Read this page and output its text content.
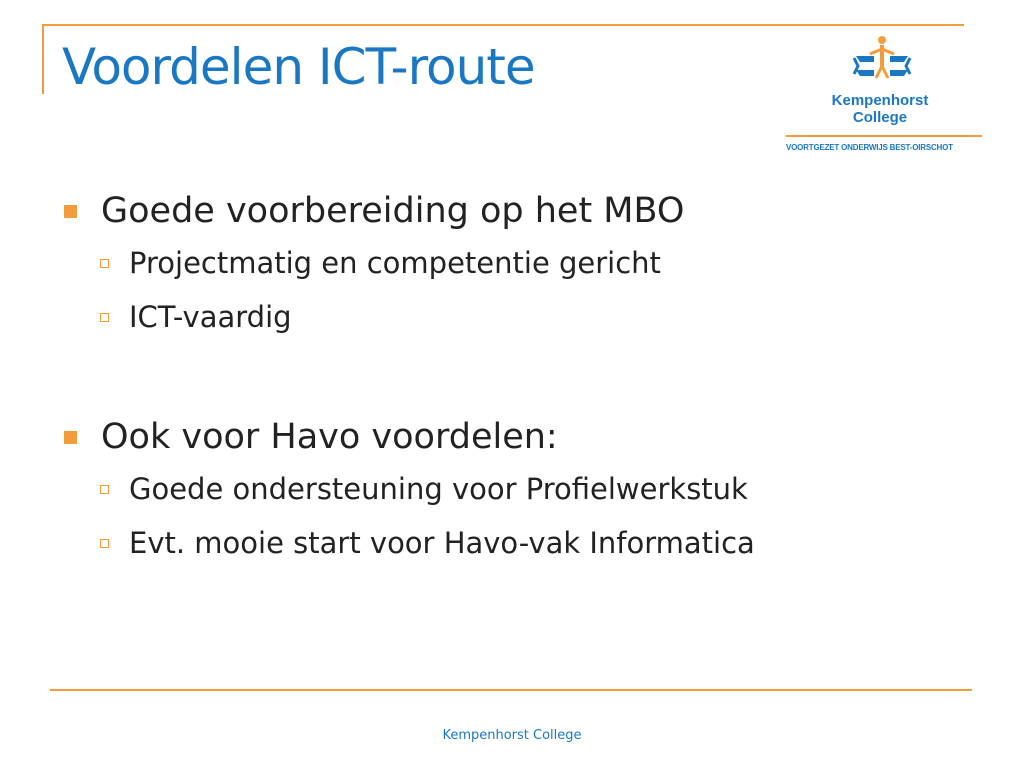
Voordelen ICT-route
Kempenhorst
College
VOORTGEZET ONDERWIJS BEST-OIRSCHOT
Goede voorbereiding op het MBO
Projectmatig en competentie gericht
ICT-vaardig
Ook voor Havo voordelen:
Goede ondersteuning voor Profielwerkstuk
Evt. mooie start voor Havo-vak Informatica
Kempenhorst College
